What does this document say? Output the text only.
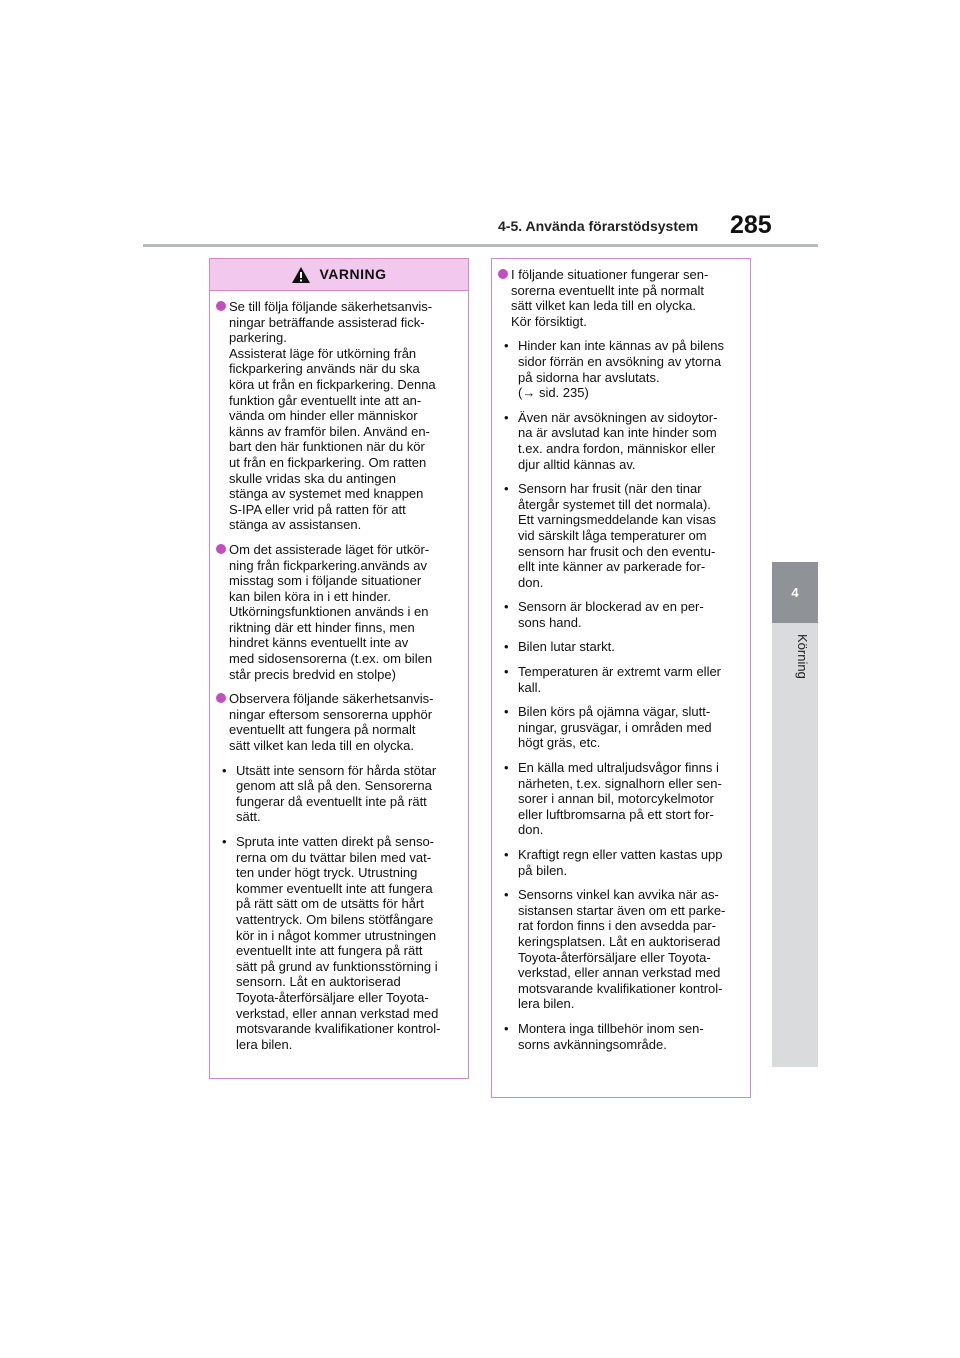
4-5. Använda förarstödsystem 285
4
Körning
VARNING
Se till följa följande säkerhetsanvis-
ningar beträffande assisterad fick-
parkering.
Assisterat läge för utkörning från
fickparkering används när du ska
köra ut från en fickparkering. Denna
funktion går eventuellt inte att an-
vända om hinder eller människor
känns av framför bilen. Använd en-
bart den här funktionen när du kör
ut från en fickparkering. Om ratten
skulle vridas ska du antingen
stänga av systemet med knappen
S-IPA eller vrid på ratten för att
stänga av assistansen.
Om det assisterade läget för utkör-
ning från fickparkering.används av
misstag som i följande situationer
kan bilen köra in i ett hinder.
Utkörningsfunktionen används i en
riktning där ett hinder finns, men
hindret känns eventuellt inte av
med sidosensorerna (t.ex. om bilen
står precis bredvid en stolpe)
Observera följande säkerhetsanvis-
ningar eftersom sensorerna upphör
eventuellt att fungera på normalt
sätt vilket kan leda till en olycka.
• Utsätt inte sensorn för hårda stötar
genom att slå på den. Sensorerna
fungerar då eventuellt inte på rätt
sätt.
• Spruta inte vatten direkt på senso-
rerna om du tvättar bilen med vat-
ten under högt tryck. Utrustning
kommer eventuellt inte att fungera
på rätt sätt om de utsätts för hårt
vattentryck. Om bilens stötfångare
kör in i något kommer utrustningen
eventuellt inte att fungera på rätt
sätt på grund av funktionsstörning i
sensorn. Låt en auktoriserad
Toyota-återförsäljare eller Toyota-
verkstad, eller annan verkstad med
motsvarande kvalifikationer kontrol-
lera bilen.
I följande situationer fungerar sen-
sorerna eventuellt inte på normalt
sätt vilket kan leda till en olycka.
Kör försiktigt.
• Hinder kan inte kännas av på bilens
sidor förrän en avsökning av ytorna
på sidorna har avslutats.
(→ sid. 235)
• Även när avsökningen av sidoytor-
na är avslutad kan inte hinder som
t.ex. andra fordon, människor eller
djur alltid kännas av.
• Sensorn har frusit (när den tinar
återgår systemet till det normala).
Ett varningsmeddelande kan visas
vid särskilt låga temperaturer om
sensorn har frusit och den eventu-
ellt inte känner av parkerade for-
don.
• Sensorn är blockerad av en per-
sons hand.
• Bilen lutar starkt.
• Temperaturen är extremt varm eller
kall.
• Bilen körs på ojämna vägar, slutt-
ningar, grusvägar, i områden med
högt gräs, etc.
• En källa med ultraljudsvågor finns i
närheten, t.ex. signalhorn eller sen-
sorer i annan bil, motorcykelmotor
eller luftbromsarna på ett stort for-
don.
• Kraftigt regn eller vatten kastas upp
på bilen.
• Sensorns vinkel kan avvika när as-
sistansen startar även om ett parke-
rat fordon finns i den avsedda par-
keringsplatsen. Låt en auktoriserad
Toyota-återförsäljare eller Toyota-
verkstad, eller annan verkstad med
motsvarande kvalifikationer kontrol-
lera bilen.
• Montera inga tillbehör inom sen-
sorns avkänningsområde.
